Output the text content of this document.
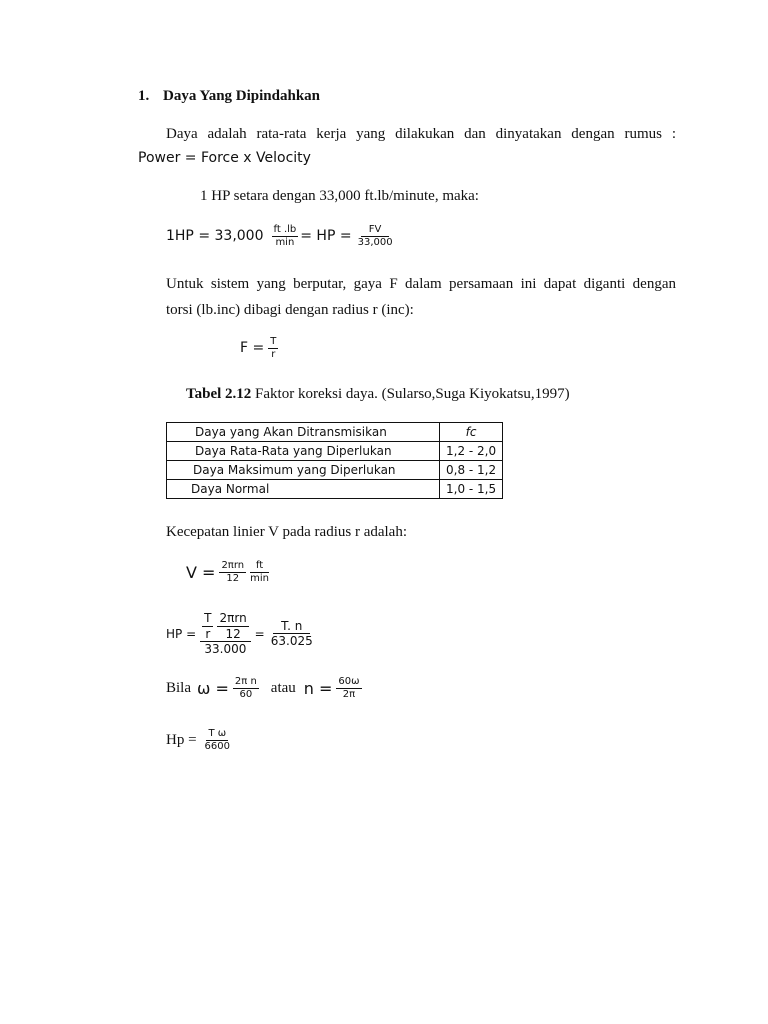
1. Daya Yang Dipindahkan
Daya adalah rata-rata kerja yang dilakukan dan dinyatakan dengan rumus :
Power = Force x Velocity
1 HP setara dengan 33,000 ft.lb/minute, maka:
$1HP = 33,000 \frac{ft .lb}{\min}$ = HP = $\frac{FV}{33,000}$
Untuk sistem yang berputar, gaya F dalam persamaan ini dapat diganti dengan
torsi (lb.inc) dibagi dengan radius r (inc):
$F = \frac{T}{r}$
Tabel 2.12 Faktor koreksi daya. (Sularso,Suga Kiyokatsu,1997)
Daya yang Akan Ditransmisikan	fc
Daya Rata-Rata yang Diperlukan	1,2 - 2,0
Daya Maksimum yang Diperlukan	0,8 - 1,2
Daya Normal	1,0 - 1,5
Kecepatan linier V pada radius r adalah:
$V = \frac{\text{2πrn}}{12} \frac{ft}{\min}$
HP = $\frac{\frac{T}{r} \frac{\text{2πrn}}{12}}{33.000} = \frac{T. n}{63.025}$
Bila $\omega = \frac{\text{2π n}}{60}$ atau $n = \frac{60\omega}{2\pi}$
$Hp = \frac{\text{T ω}}{6600}$
